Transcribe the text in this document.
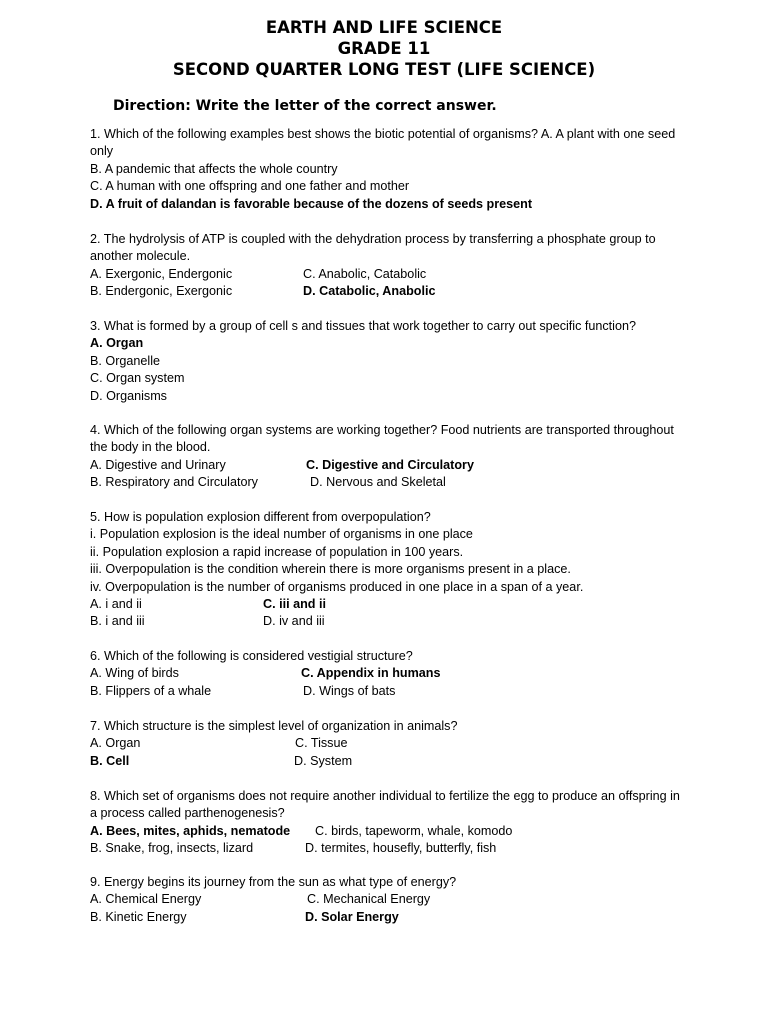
EARTH AND LIFE SCIENCE
GRADE 11
SECOND QUARTER LONG TEST (LIFE SCIENCE)
Direction: Write the letter of the correct answer.
1. Which of the following examples best shows the biotic potential of organisms? A. A plant with one seed only
B. A pandemic that affects the whole country
C. A human with one offspring and one father and mother
D. A fruit of dalandan is favorable because of the dozens of seeds present
2. The hydrolysis of ATP is coupled with the dehydration process by transferring a phosphate group to another molecule.
A. Exergonic, Endergonic	C. Anabolic, Catabolic
B. Endergonic, Exergonic	D. Catabolic, Anabolic
3. What is formed by a group of cell s and tissues that work together to carry out specific function?
A. Organ
B. Organelle
C. Organ system
D. Organisms
4. Which of the following organ systems are working together? Food nutrients are transported throughout the body in the blood.
A. Digestive and Urinary	C. Digestive and Circulatory
B. Respiratory and Circulatory	D. Nervous and Skeletal
5. How is population explosion different from overpopulation?
i. Population explosion is the ideal number of organisms in one place
ii. Population explosion a rapid increase of population in 100 years.
iii. Overpopulation is the condition wherein there is more organisms present in a place.
iv. Overpopulation is the number of organisms produced in one place in a span of a year.
A. i and ii	C. iii and ii
B. i and iii	D. iv and iii
6. Which of the following is considered vestigial structure?
A. Wing of birds	C. Appendix in humans
B. Flippers of a whale	D. Wings of bats
7. Which structure is the simplest level of organization in animals?
A. Organ	C. Tissue
B. Cell	D. System
8. Which set of organisms does not require another individual to fertilize the egg to produce an offspring in a process called parthenogenesis?
A. Bees, mites, aphids, nematode C. birds, tapeworm, whale, komodo
B. Snake, frog, insects, lizard	D. termites, housefly, butterfly, fish
9. Energy begins its journey from the sun as what type of energy?
A. Chemical Energy	C. Mechanical Energy
B. Kinetic Energy	D. Solar Energy
